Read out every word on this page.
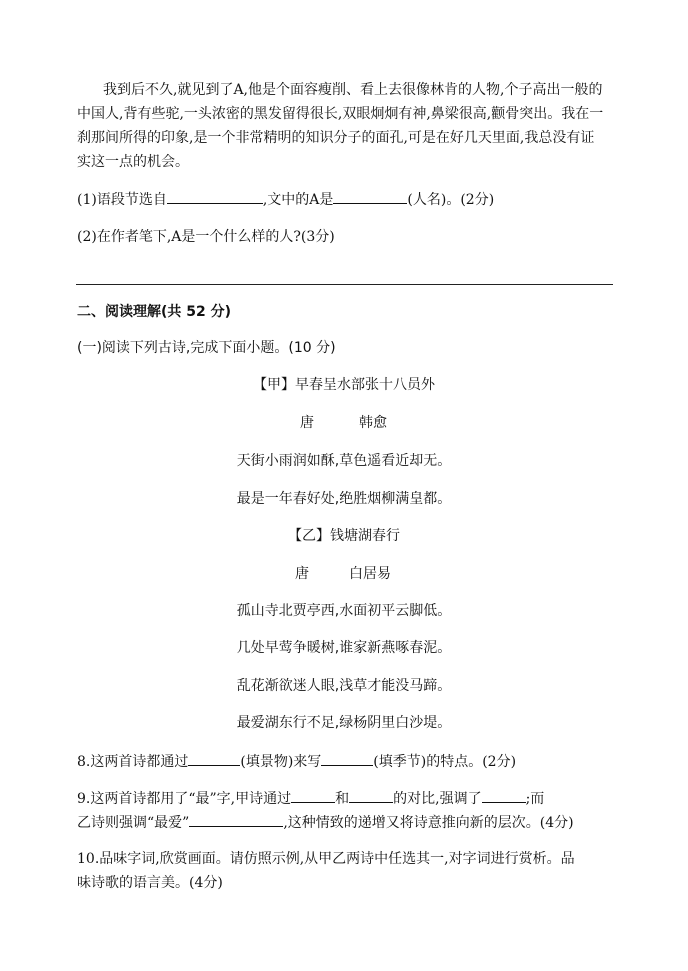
我到后不久,就见到了A,他是个面容瘦削、看上去很像林肯的人物,个子高出一般的
中国人,背有些驼,一头浓密的黑发留得很长,双眼炯炯有神,鼻梁很高,颧骨突出。我在一
刹那间所得的印象,是一个非常精明的知识分子的面孔,可是在好几天里面,我总没有证
实这一点的机会。
(1)语段节选自	,文中的A是	(人名)。(2分)
(2)在作者笔下,A是一个什么样的人?(3分)
二、阅读理解(共 52 分)
(一)阅读下列古诗,完成下面小题。(10 分)
【甲】早春呈水部张十八员外
唐	韩愈
天街小雨润如酥,草色遥看近却无。
最是一年春好处,绝胜烟柳满皇都。
【乙】钱塘湖春行
唐	白居易
孤山寺北贾亭西,水面初平云脚低。
几处早莺争暖树,谁家新燕啄春泥。
乱花渐欲迷人眼,浅草才能没马蹄。
最爱湖东行不足,绿杨阴里白沙堤。
8.这两首诗都通过	(填景物)来写	(填季节)的特点。(2分)
9.这两首诗都用了“最”字,甲诗通过	和	的对比,强调了	;而
乙诗则强调“最爱”	,这种情致的递增又将诗意推向新的层次。(4分)
10.品味字词,欣赏画面。请仿照示例,从甲乙两诗中任选其一,对字词进行赏析。品
味诗歌的语言美。(4分)
